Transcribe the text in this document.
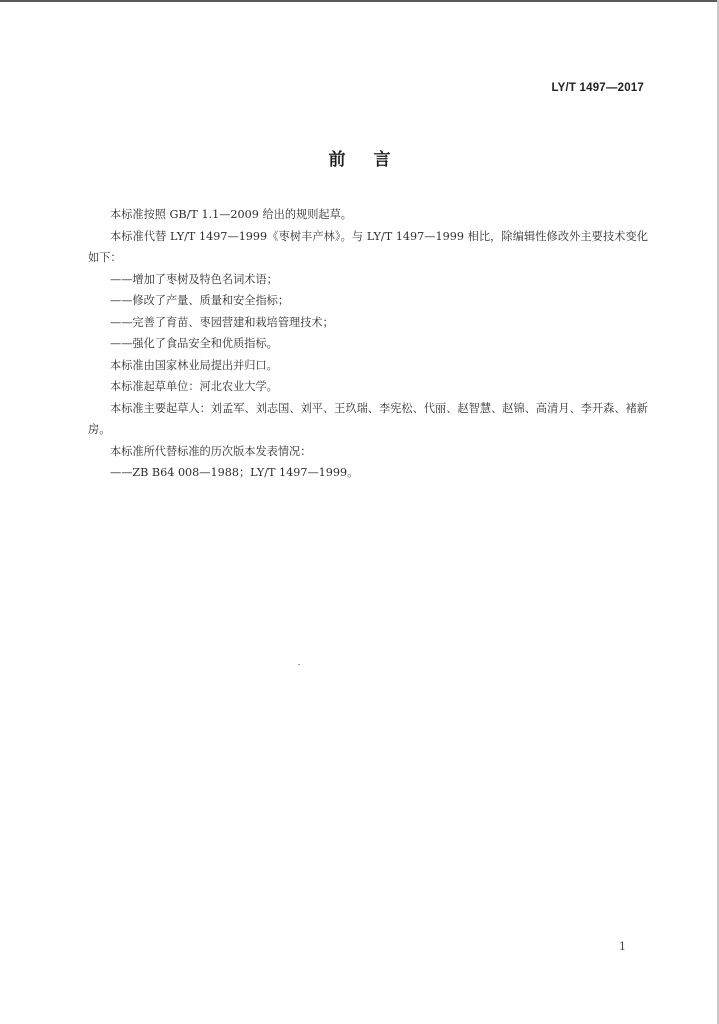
LY/T 1497—2017
前言

本标准按照 GB/T 1.1—2009 给出的规则起草。

本标准代替 LY/T 1497—1999《枣树丰产林》。与 LY/T 1497—1999 相比，除编辑性修改外主要技术变化如下：

——增加了枣树及特色名词术语；

——修改了产量、质量和安全指标；

——完善了育苗、枣园营建和栽培管理技术；

——强化了食品安全和优质指标。

本标准由国家林业局提出并归口。

本标准起草单位：河北农业大学。

本标准主要起草人：刘孟军、刘志国、刘平、王玖瑞、李宪松、代丽、赵智慧、赵锦、高清月、李开森、褚新房。

本标准所代替标准的历次版本发表情况：

——ZB B64 008—1988；LY/T 1497—1999。

1
